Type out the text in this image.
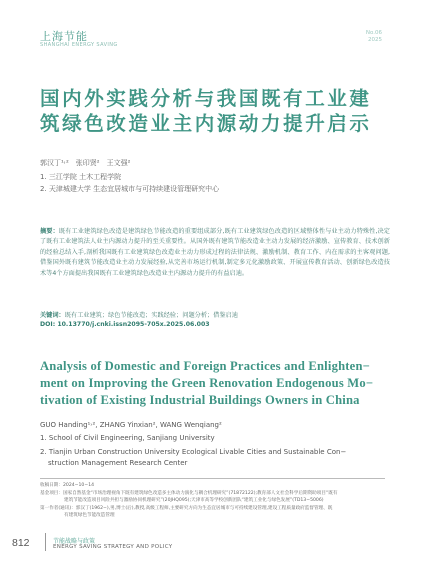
上海节能
SHANGHAI ENERGY SAVING
No.06
2025
国内外实践分析与我国既有工业建筑绿色改造业主内源动力提升启示
郭汉丁¹˒²　张印贤²　王文强²
1. 三江学院 土木工程学院
2. 天津城建大学 生态宜居城市与可持续建设管理研究中心
摘要：既有工业建筑绿色改造是建筑绿色节能改造的重要组成部分,既有工业建筑绿色改造的区域整体性与业主动力特殊性,决定了既有工业建筑法人业主内源动力提升的至关重要性。从国外既有建筑节能改造业主动力发展的经济激励、宣传教育、技术创新的经验总结入手,剖析我国既有工业建筑绿色改造业主动力形成过程的法律法规、激励机制、教育工作、内在需求的主客观问题,借鉴国外既有建筑节能改造业主动力发展经验,从完善市场运行机制,制定多元化激励政策、开展宣传教育活动、创新绿色改造技术等4个方面提出我国既有工业建筑绿色改造业主内源动力提升的有益启迪。
关键词：既有工业建筑；绿色节能改造；实践经验；问题分析；借鉴启迪
DOI: 10.13770/j.cnki.issn2095-705x.2025.06.003
Analysis of Domestic and Foreign Practices and Enlighten−
ment on Improving the Green Renovation Endogenous Mo−
tivation of Existing Industrial Buildings Owners in China
GUO Handing¹˒², ZHANG Yinxian², WANG Wenqiang²
1. School of Civil Engineering, Sanjiang University
2. Tianjin Urban Construction University Ecological Livable Cities and Sustainable Con−
struction Management Research Center
收稿日期：2024−10−14
基金项目：国家自然基金“市场治理视角下既有建筑绿色改造多主体动力演化与耦合机理研究”(71872122);教育部人文社会科学后期资助项目“既有
建筑节能改造项目风险共担与激励协同机理研究”(20JHQ095);天津市高等学校创新团队“建筑工业化与绿色发展”(TD13−5006)
第一作者(通讯)：郭汉丁(1962−),男,博士(后),教授,高级工程师,主要研究方向为生态宜居城市与可持续建设管理,建设工程质量政府监督管理、既
有建筑绿色节能改造管理
812	节能战略与政策
ENERGY SAVING STRATEGY AND POLICY
